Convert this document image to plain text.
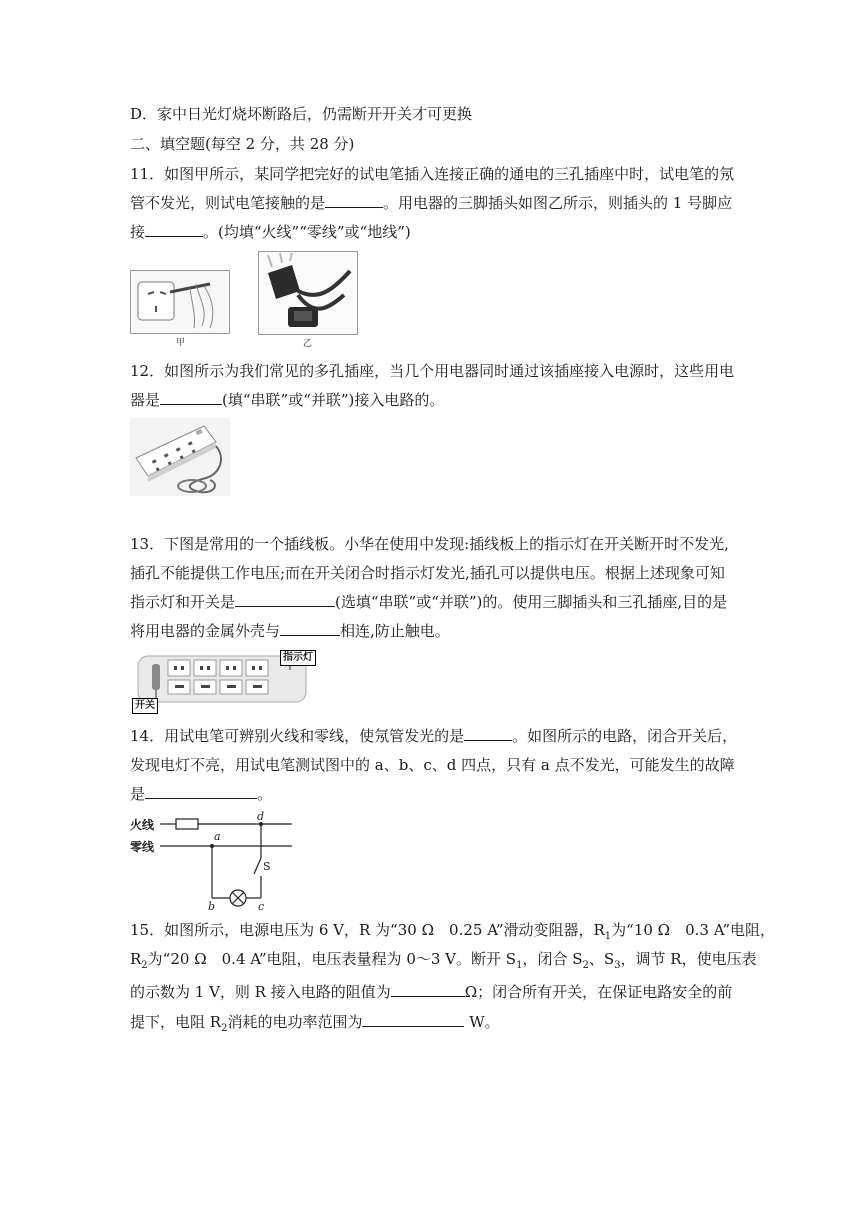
D．家中日光灯烧坏断路后，仍需断开开关才可更换
二、填空题(每空 2 分，共 28 分)
11．如图甲所示，某同学把完好的试电笔插入连接正确的通电的三孔插座中时，试电笔的氖
管不发光，则试电笔接触的是	。用电器的三脚插头如图乙所示，则插头的 1 号脚应
接	。(均填“火线”“零线”或“地线”)
甲	乙
12．如图所示为我们常见的多孔插座，当几个用电器同时通过该插座接入电源时，这些用电
器是	(填“串联”或“并联”)接入电路的。
13．下图是常用的一个插线板。小华在使用中发现:插线板上的指示灯在开关断开时不发光,
插孔不能提供工作电压;而在开关闭合时指示灯发光,插孔可以提供电压。根据上述现象可知
指示灯和开关是	(选填“串联”或“并联”)的。使用三脚插头和三孔插座,目的是
将用电器的金属外壳与	相连,防止触电。
指示灯
开关
14．用试电笔可辨别火线和零线，使氖管发光的是	。如图所示的电路，闭合开关后，
发现电灯不亮，用试电笔测试图中的 a、b、c、d 四点，只有 a 点不发光，可能发生的故障
是	。
火线
零线
a
d
S
b	c
15．如图所示，电源电压为 6 V，R 为“30 Ω　0.25 A”滑动变阻器，$R_1$为“10 Ω　0.3 A”电阻，
$R_2$为“20 Ω　0.4 A”电阻，电压表量程为 0～3 V。断开 $S_1$，闭合 $S_2$、$S_3$，调节 R，使电压表
的示数为 1 V，则 R 接入电路的阻值为	Ω；闭合所有开关，在保证电路安全的前
提下，电阻 $R_2$消耗的电功率范围为	W。
